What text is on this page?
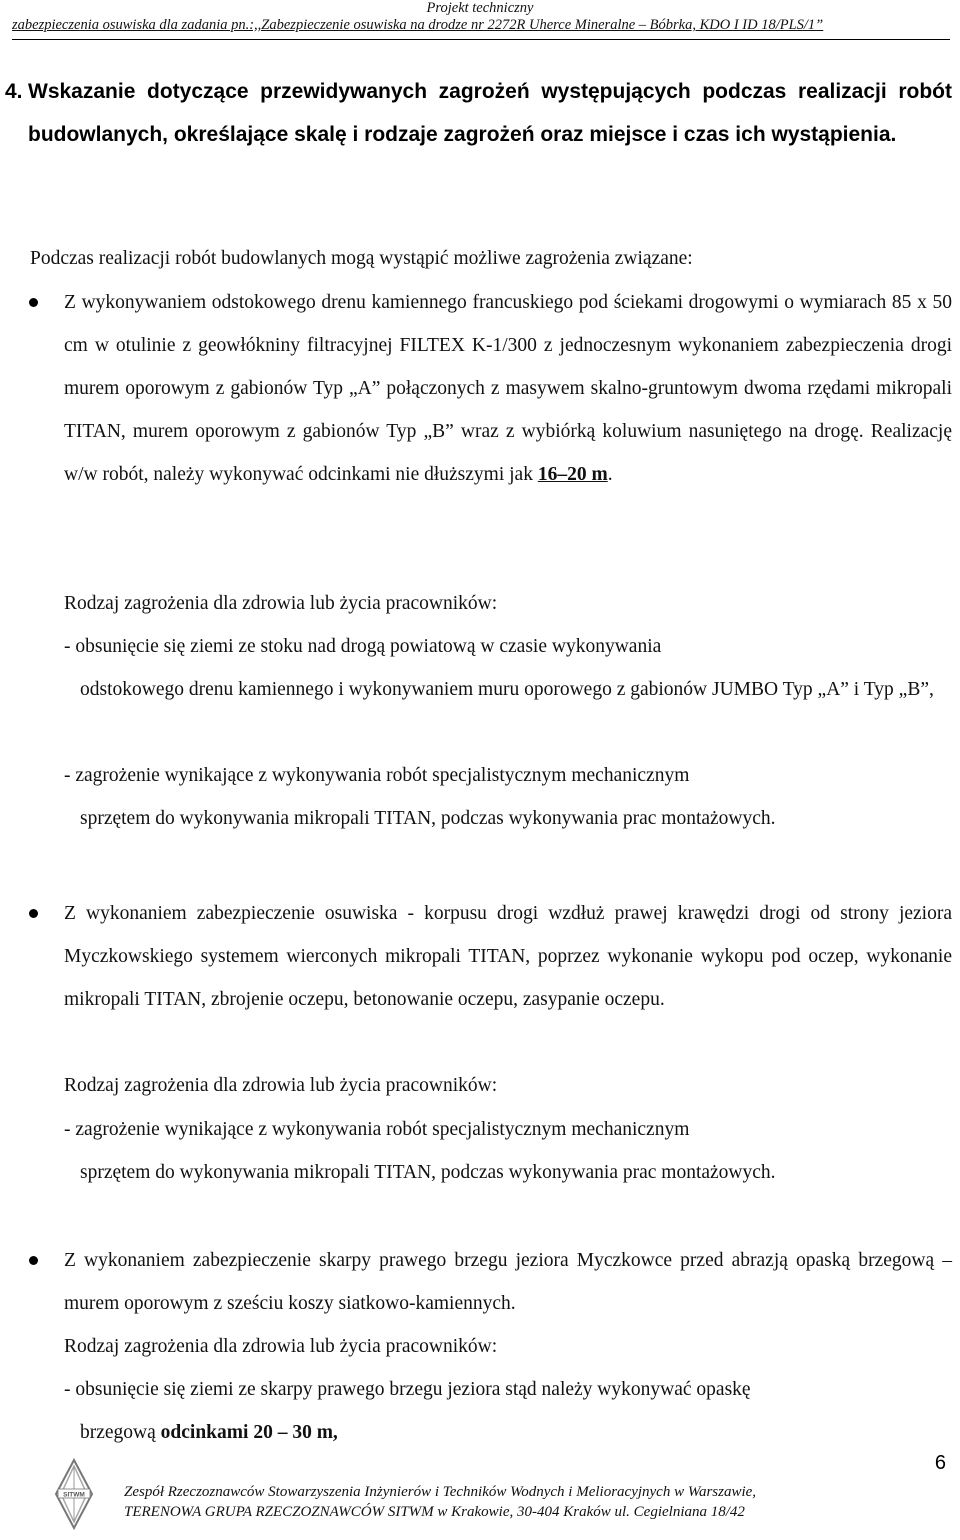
Projekt techniczny
zabezpieczenia osuwiska dla zadania pn.:,,Zabezpieczenie osuwiska na drodze nr 2272R Uherce Mineralne – Bóbrka, KDO I ID 18/PLS/1”
4. Wskazanie dotyczące przewidywanych zagrożeń występujących podczas realizacji robót budowlanych, określające skalę i rodzaje zagrożeń oraz miejsce i czas ich wystąpienia.

Podczas realizacji robót budowlanych mogą wystąpić możliwe zagrożenia związane:

Z wykonywaniem odstokowego drenu kamiennego francuskiego pod ściekami drogowymi o wymiarach 85 x 50 cm w otulinie z geowłókniny filtracyjnej FILTEX K-1/300 z jednoczesnym wykonaniem zabezpieczenia drogi murem oporowym z gabionów Typ „A” połączonych z masywem skalno-gruntowym dwoma rzędami mikropali TITAN, murem oporowym z gabionów Typ „B” wraz z wybiórką koluwium nasuniętego na drogę. Realizację w/w robót, należy wykonywać odcinkami nie dłuższymi jak 16–20 m.

Rodzaj zagrożenia dla zdrowia lub życia pracowników:

- obsunięcie się ziemi ze stoku nad drogą powiatową w czasie wykonywania
odstokowego drenu kamiennego i wykonywaniem muru oporowego z gabionów JUMBO Typ „A” i Typ „B”,
- zagrożenie wynikające z wykonywania robót specjalistycznym mechanicznym
sprzętem do wykonywania mikropali TITAN, podczas wykonywania prac montażowych.

Z wykonaniem zabezpieczenie osuwiska - korpusu drogi wzdłuż prawej krawędzi drogi od strony jeziora Myczkowskiego systemem wierconych mikropali TITAN, poprzez wykonanie wykopu pod oczep, wykonanie mikropali TITAN, zbrojenie oczepu, betonowanie oczepu, zasypanie oczepu.

Rodzaj zagrożenia dla zdrowia lub życia pracowników:

- zagrożenie wynikające z wykonywania robót specjalistycznym mechanicznym
sprzętem do wykonywania mikropali TITAN, podczas wykonywania prac montażowych.

Z wykonaniem zabezpieczenie skarpy prawego brzegu jeziora Myczkowce przed abrazją opaską brzegową – murem oporowym z sześciu koszy siatkowo-kamiennych.

Rodzaj zagrożenia dla zdrowia lub życia pracowników:

- obsunięcie się ziemi ze skarpy prawego brzegu jeziora stąd należy wykonywać opaskę
brzegową odcinkami 20 – 30 m,
SITWM	Zespół Rzeczoznawców Stowarzyszenia Inżynierów i Techników Wodnych i Melioracyjnych w Warszawie,
TERENOWA GRUPA RZECZOZNAWCÓW SITWM w Krakowie, 30-404 Kraków ul. Cegielniana 18/42
6
